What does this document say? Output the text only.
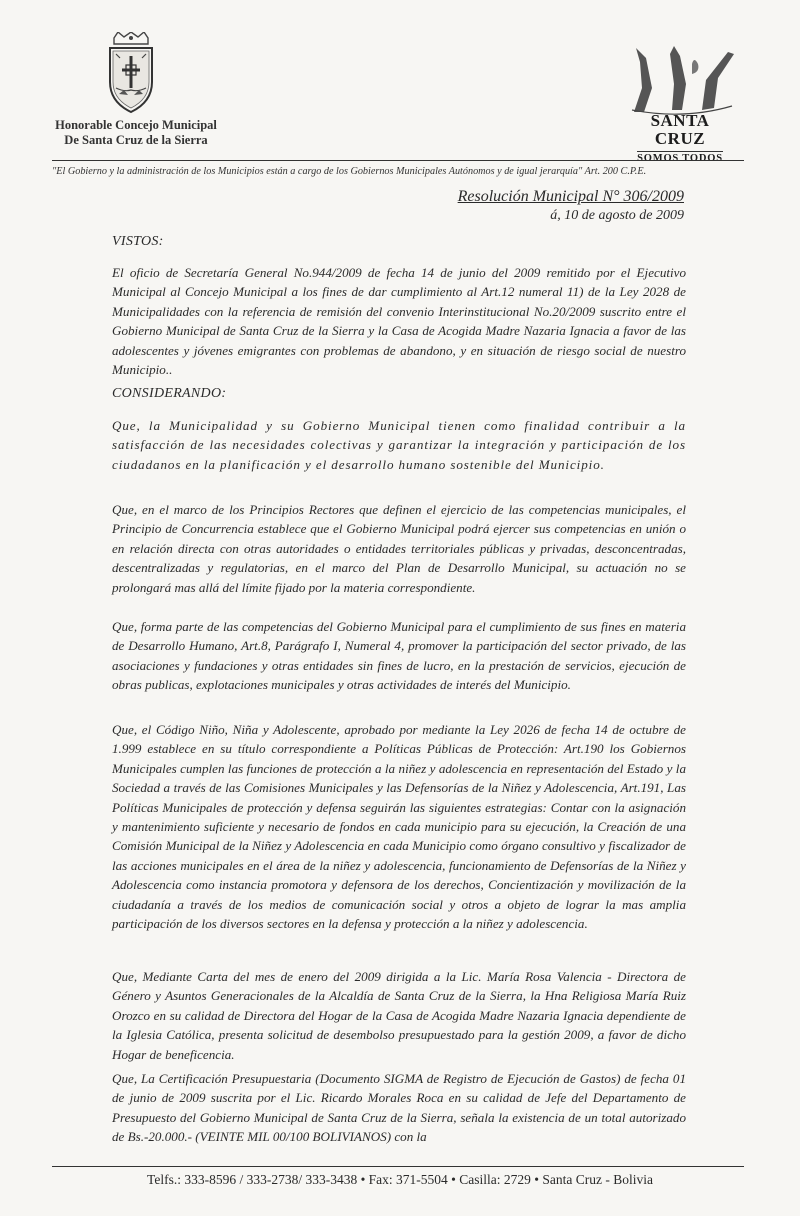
Honorable Concejo Municipal
De Santa Cruz de la Sierra
SANTA CRUZ
SOMOS TODOS
"El Gobierno y la administración de los Municipios están a cargo de los Gobiernos Municipales Autónomos y de igual jerarquía" Art. 200 C.P.E.
Resolución Municipal N° 306/2009
á, 10 de agosto de 2009
VISTOS:
El oficio de Secretaría General No.944/2009 de fecha 14 de junio del 2009 remitido por el Ejecutivo Municipal al Concejo Municipal a los fines de dar cumplimiento al Art.12 numeral 11) de la Ley 2028 de Municipalidades con la referencia de remisión del convenio Interinstitucional No.20/2009 suscrito entre el Gobierno Municipal de Santa Cruz de la Sierra y la Casa de Acogida Madre Nazaria Ignacia a favor de las adolescentes y jóvenes emigrantes con problemas de abandono, y en situación de riesgo social de nuestro Municipio..
CONSIDERANDO:
Que, la Municipalidad y su Gobierno Municipal tienen como finalidad contribuir a la satisfacción de las necesidades colectivas y garantizar la integración y participación de los ciudadanos en la planificación y el desarrollo humano sostenible del Municipio.
Que, en el marco de los Principios Rectores que definen el ejercicio de las competencias municipales, el Principio de Concurrencia establece que el Gobierno Municipal podrá ejercer sus competencias en unión o en relación directa con otras autoridades o entidades territoriales públicas y privadas, desconcentradas, descentralizadas y regulatorias, en el marco del Plan de Desarrollo Municipal, su actuación no se prolongará mas allá del límite fijado por la materia correspondiente.
Que, forma parte de las competencias del Gobierno Municipal para el cumplimiento de sus fines en materia de Desarrollo Humano, Art.8, Parágrafo I, Numeral 4, promover la participación del sector privado, de las asociaciones y fundaciones y otras entidades sin fines de lucro, en la prestación de servicios, ejecución de obras publicas, explotaciones municipales y otras actividades de interés del Municipio.
Que, el Código Niño, Niña y Adolescente, aprobado por mediante la Ley 2026 de fecha 14 de octubre de 1.999 establece en su título correspondiente a Políticas Públicas de Protección: Art.190 los Gobiernos Municipales cumplen las funciones de protección a la niñez y adolescencia en representación del Estado y la Sociedad a través de las Comisiones Municipales y las Defensorías de la Niñez y Adolescencia, Art.191, Las Políticas Municipales de protección y defensa seguirán las siguientes estrategias: Contar con la asignación y mantenimiento suficiente y necesario de fondos en cada municipio para su ejecución, la Creación de una Comisión Municipal de la Niñez y Adolescencia en cada Municipio como órgano consultivo y fiscalizador de las acciones municipales en el área de la niñez y adolescencia, funcionamiento de Defensorías de la Niñez y Adolescencia como instancia promotora y defensora de los derechos, Concientización y movilización de la ciudadanía a través de los medios de comunicación social y otros a objeto de lograr la mas amplia participación de los diversos sectores en la defensa y protección a la niñez y adolescencia.
Que, Mediante Carta del mes de enero del 2009 dirigida a la Lic. María Rosa Valencia - Directora de Género y Asuntos Generacionales de la Alcaldía de Santa Cruz de la Sierra, la Hna Religiosa María Ruiz Orozco en su calidad de Directora del Hogar de la Casa de Acogida Madre Nazaria Ignacia dependiente de la Iglesia Católica, presenta solicitud de desembolso presupuestado para la gestión 2009, a favor de dicho Hogar de beneficencia.
Que, La Certificación Presupuestaria (Documento SIGMA de Registro de Ejecución de Gastos) de fecha 01 de junio de 2009 suscrita por el Lic. Ricardo Morales Roca en su calidad de Jefe del Departamento de Presupuesto del Gobierno Municipal de Santa Cruz de la Sierra, señala la existencia de un total autorizado de Bs.-20.000.- (VEINTE MIL 00/100 BOLIVIANOS) con la
Telfs.: 333-8596 / 333-2738/ 333-3438 • Fax: 371-5504 • Casilla: 2729 • Santa Cruz - Bolivia
